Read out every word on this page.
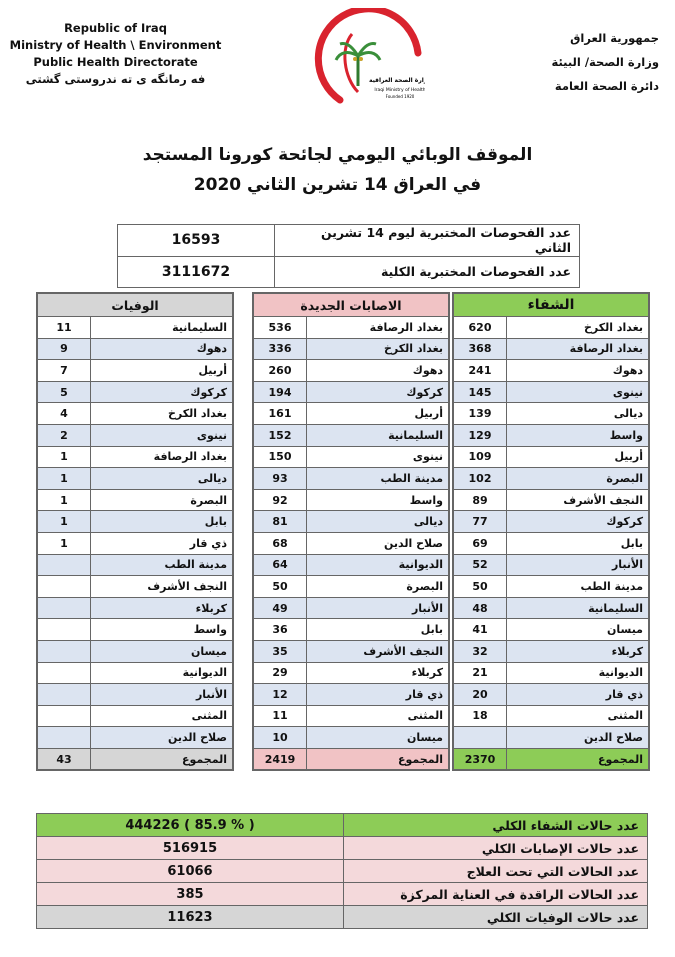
Republic of Iraq
Ministry of Health \ Environment
Public Health Directorate
فه رمانگه ى ته ندروستى گشتى	وزارة الصحة العراقية
Iraqi Ministry of Health
Founded 1920
جمهورية العراق
وزارة الصحة/ البيئة
دائرة الصحة العامة
الموقف الوبائي اليومي لجائحة كورونا المستجد
في العراق 14 تشرين الثاني 2020
16593	عدد الفحوصات المختبرية ليوم 14 تشرين الثاني
3111672	عدد الفحوصات المختبرية الكلية
الشفاء	
620	بغداد الكرخ
368	بغداد الرصافة
241	دهوك
145	نينوى
139	ديالى
129	واسط
109	أربيل
102	البصرة
89	النجف الأشرف
77	كركوك
69	بابل
52	الأنبار
50	مدينة الطب
48	السليمانية
41	ميسان
32	كربلاء
21	الديوانية
20	ذي قار
18	المثنى
	صلاح الدين
2370	المجموع
الاصابات الجديدة	
536	بغداد الرصافة
336	بغداد الكرخ
260	دهوك
194	كركوك
161	أربيل
152	السليمانية
150	نينوى
93	مدينة الطب
92	واسط
81	ديالى
68	صلاح الدين
64	الديوانية
50	البصرة
49	الأنبار
36	بابل
35	النجف الأشرف
29	كربلاء
12	ذي قار
11	المثنى
10	ميسان
2419	المجموع
الوفيات	
11	السليمانية
9	دهوك
7	أربيل
5	كركوك
4	بغداد الكرخ
2	نينوى
1	بغداد الرصافة
1	ديالى
1	البصرة
1	بابل
1	ذي قار
	مدينة الطب
	النجف الأشرف
	كربلاء
	واسط
	ميسان
	الديوانية
	الأنبار
	المثنى
	صلاح الدين
43	المجموع
444226 ( 85.9 % )	عدد حالات الشفاء الكلي
516915	عدد حالات الإصابات الكلي
61066	عدد الحالات التي تحت العلاج
385	عدد الحالات الراقدة في العناية المركزة
11623	عدد حالات الوفيات الكلي
